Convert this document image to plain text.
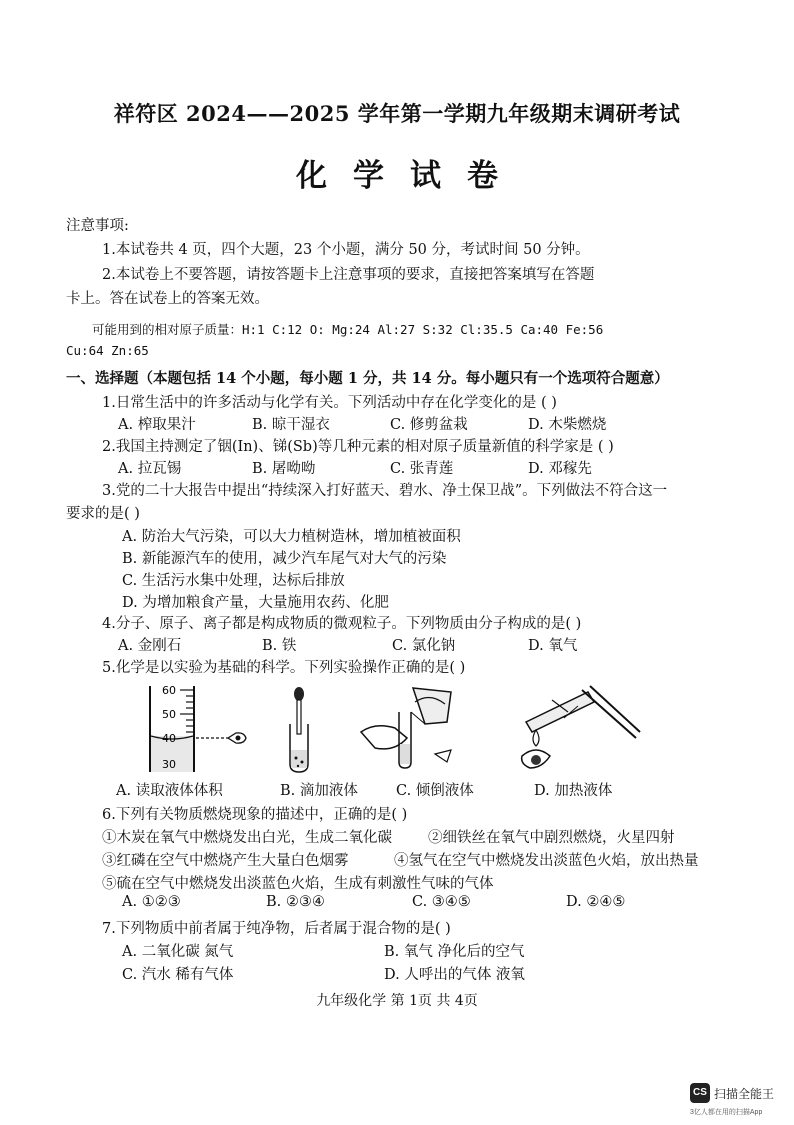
祥符区 2024——2025 学年第一学期九年级期末调研考试
化学试卷
注意事项:
1.本试卷共 4 页，四个大题，23 个小题，满分 50 分，考试时间 50 分钟。
2.本试卷上不要答题，请按答题卡上注意事项的要求，直接把答案填写在答题
卡上。答在试卷上的答案无效。
可能用到的相对原子质量：H:1 C:12 O: Mg:24 Al:27 S:32 Cl:35.5 Ca:40 Fe:56
Cu:64 Zn:65
一、选择题（本题包括 14 个小题，每小题 1 分，共 14 分。每小题只有一个选项符合题意）
1.日常生活中的许多活动与化学有关。下列活动中存在化学变化的是 ( )
A. 榨取果汁	B. 晾干湿衣	C. 修剪盆栽	D. 木柴燃烧
2.我国主持测定了铟(In)、锑(Sb)等几种元素的相对原子质量新值的科学家是 ( )
A. 拉瓦锡	B. 屠呦呦	C. 张青莲	D. 邓稼先
3.党的二十大报告中提出“持续深入打好蓝天、碧水、净土保卫战”。下列做法不符合这一
要求的是( )
A. 防治大气污染，可以大力植树造林，增加植被面积
B. 新能源汽车的使用，减少汽车尾气对大气的污染
C. 生活污水集中处理，达标后排放
D. 为增加粮食产量，大量施用农药、化肥
4.分子、原子、离子都是构成物质的微观粒子。下列物质由分子构成的是( )
A. 金刚石	B. 铁	C. 氯化钠	D. 氧气
5.化学是以实验为基础的科学。下列实验操作正确的是( )
60
50
40
30
A. 读取液体体积	B. 滴加液体	C. 倾倒液体	D. 加热液体
6.下列有关物质燃烧现象的描述中，正确的是( )
①木炭在氧气中燃烧发出白光，生成二氧化碳 ②细铁丝在氧气中剧烈燃烧，火星四射
③红磷在空气中燃烧产生大量白色烟雾	④氢气在空气中燃烧发出淡蓝色火焰，放出热量
⑤硫在空气中燃烧发出淡蓝色火焰，生成有刺激性气味的气体
A. ①②③	B. ②③④	C. ③④⑤	D. ②④⑤
7.下列物质中前者属于纯净物，后者属于混合物的是( )
A. 二氧化碳 氮气	B. 氧气 净化后的空气
C. 汽水 稀有气体	D. 人呼出的气体 液氧
九年级化学 第 1页 共 4页
CS 扫描全能王
3亿人都在用的扫描App
